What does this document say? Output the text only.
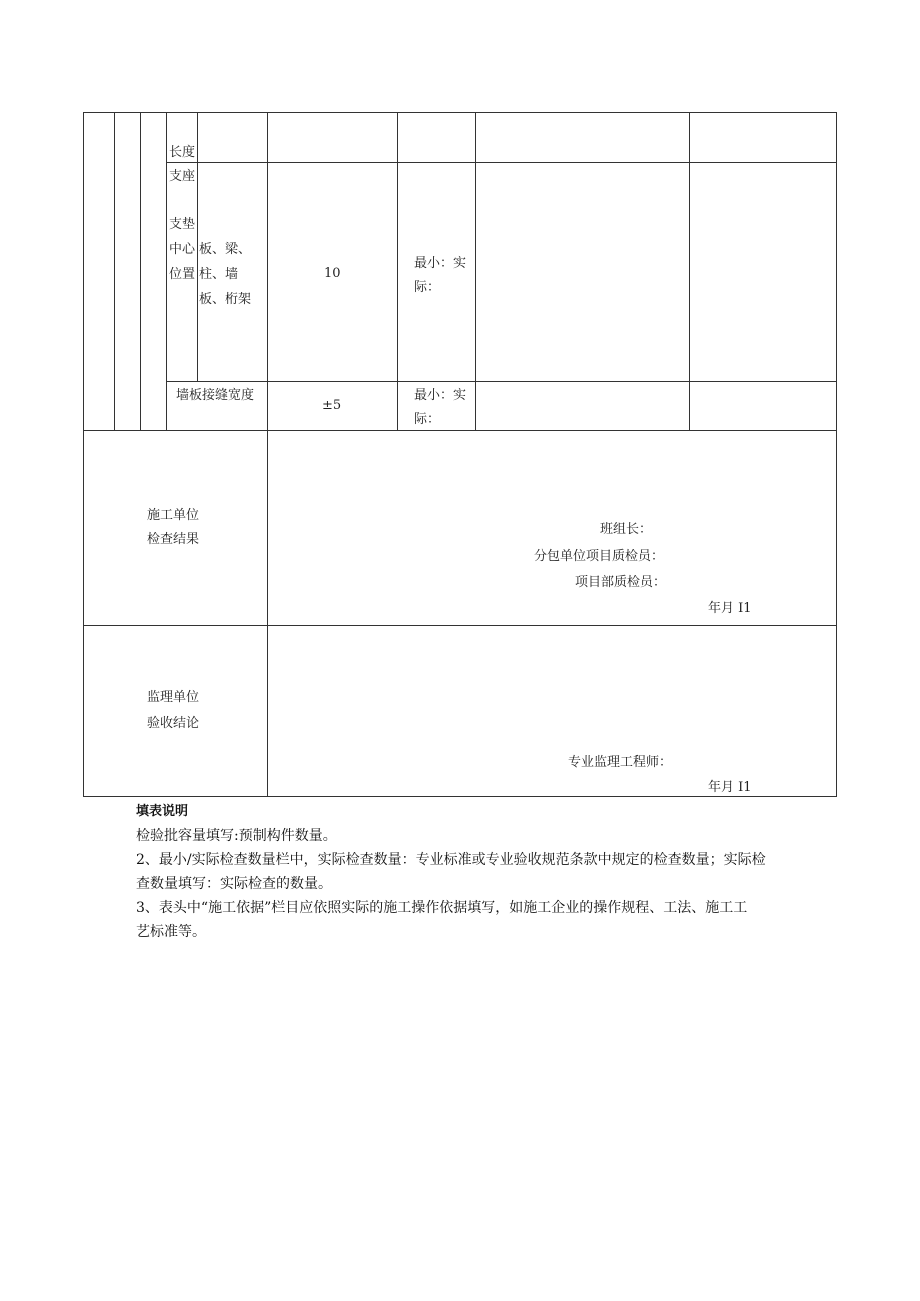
长度
支座
支垫
中心
位置
板、梁、
柱、墙
板、桁架
10
最小：实
际：
墙板接缝宽度
±5
最小：实
际：
施工单位
检查结果
班组长：
分包单位项目质检员：
项目部质检员：
年月 I1
监理单位
验收结论
专业监理工程师：
年月 I1

填表说明

检验批容量填写:预制构件数量。

2、最小/实际检查数量栏中，实际检查数量：专业标准或专业验收规范条款中规定的检查数量；实际检

查数量填写：实际检查的数量。

3、表头中“施工依据”栏目应依照实际的施工操作依据填写，如施工企业的操作规程、工法、施工工

艺标准等。
